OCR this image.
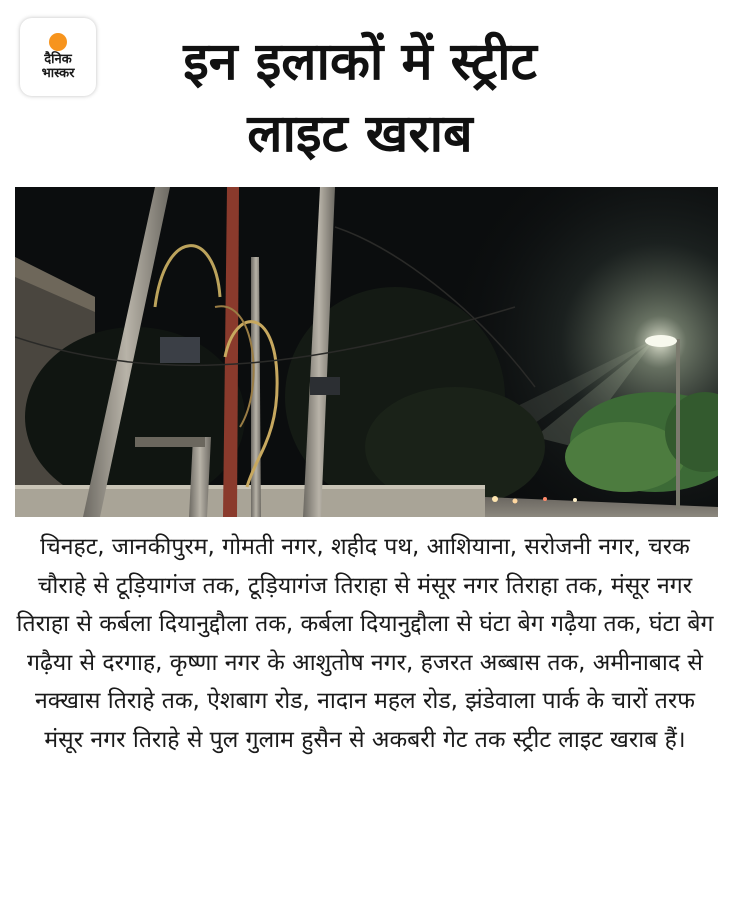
दैनिक
भास्कर	इन इलाकों में स्ट्रीट
लाइट खराब
चिनहट, जानकीपुरम, गोमती नगर, शहीद पथ, आशियाना, सरोजनी नगर, चरक चौराहे से टूड़ियागंज तक, टूड़ियागंज तिराहा से मंसूर नगर तिराहा तक, मंसूर नगर तिराहा से कर्बला दियानुद्दौला तक, कर्बला दियानुद्दौला से घंटा बेग गढ़ैया तक, घंटा बेग गढ़ैया से दरगाह, कृष्णा नगर के आशुतोष नगर, हजरत अब्बास तक, अमीनाबाद से नक्खास तिराहे तक, ऐशबाग रोड, नादान महल रोड, झंडेवाला पार्क के चारों तरफ मंसूर नगर तिराहे से पुल गुलाम हुसैन से अकबरी गेट तक स्ट्रीट लाइट खराब हैं।
